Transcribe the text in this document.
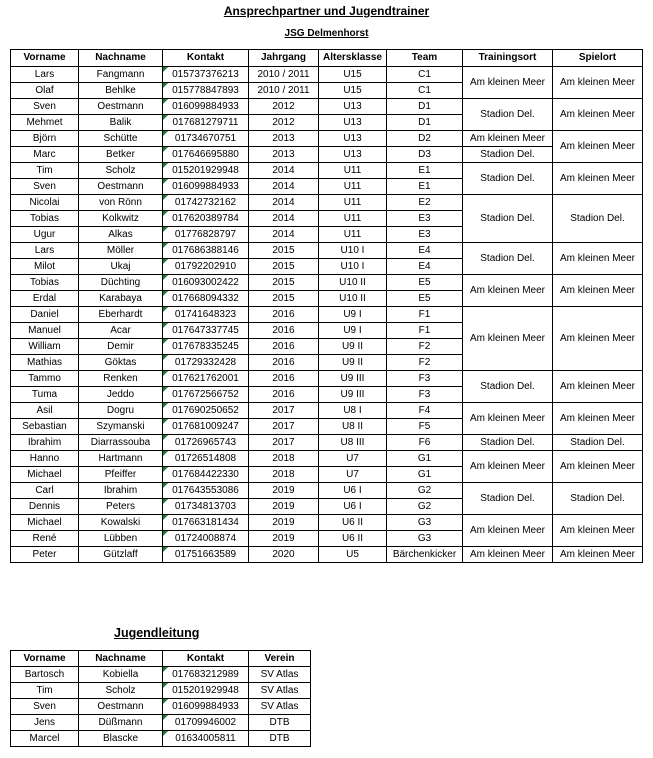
Ansprechpartner und Jugendtrainer
JSG Delmenhorst
Vorname	Nachname	Kontakt	Jahrgang	Altersklasse	Team	Trainingsort	Spielort
Lars	Fangmann	015737376213	2010 / 2011	U15	C1	Am kleinen Meer	Am kleinen Meer
Olaf	Behlke	015778847893	2010 / 2011	U15	C1		
Sven	Oestmann	016099884933	2012	U13	D1	Stadion Del.	Am kleinen Meer
Mehmet	Balik	017681279711	2012	U13	D1		
Björn	Schütte	01734670751	2013	U13	D2	Am kleinen Meer	Am kleinen Meer
Marc	Betker	017646695880	2013	U13	D3	Stadion Del.	
Tim	Scholz	015201929948	2014	U11	E1	Stadion Del.	Am kleinen Meer
Sven	Oestmann	016099884933	2014	U11	E1		
Nicolai	von Rönn	01742732162	2014	U11	E2	Stadion Del.	Stadion Del.
Tobias	Kolkwitz	017620389784	2014	U11	E3		
Ugur	Alkas	01776828797	2014	U11	E3		
Lars	Möller	017686388146	2015	U10 I	E4	Stadion Del.	Am kleinen Meer
Milot	Ukaj	01792202910	2015	U10 I	E4		
Tobias	Düchting	016093002422	2015	U10 II	E5	Am kleinen Meer	Am kleinen Meer
Erdal	Karabaya	017668094332	2015	U10 II	E5		
Daniel	Eberhardt	01741648323	2016	U9 I	F1	Am kleinen Meer	Am kleinen Meer
Manuel	Acar	017647337745	2016	U9 I	F1		
William	Demir	017678335245	2016	U9 II	F2		
Mathias	Göktas	01729332428	2016	U9 II	F2		
Tammo	Renken	017621762001	2016	U9 III	F3	Stadion Del.	Am kleinen Meer
Tuma	Jeddo	017672566752	2016	U9 III	F3		
Asil	Dogru	017690250652	2017	U8 I	F4	Am kleinen Meer	Am kleinen Meer
Sebastian	Szymanski	017681009247	2017	U8 II	F5		
Ibrahim	Diarrassouba	01726965743	2017	U8 III	F6	Stadion Del.	Stadion Del.
Hanno	Hartmann	01726514808	2018	U7	G1	Am kleinen Meer	Am kleinen Meer
Michael	Pfeiffer	017684422330	2018	U7	G1		
Carl	Ibrahim	017643553086	2019	U6 I	G2	Stadion Del.	Stadion Del.
Dennis	Peters	01734813703	2019	U6 I	G2		
Michael	Kowalski	017663181434	2019	U6 II	G3	Am kleinen Meer	Am kleinen Meer
René	Lübben	01724008874	2019	U6 II	G3		
Peter	Gützlaff	01751663589	2020	U5	Bärchenkicker	Am kleinen Meer	Am kleinen Meer
Jugendleitung
Vorname	Nachname	Kontakt	Verein
Bartosch	Kobiella	017683212989	SV Atlas
Tim	Scholz	015201929948	SV Atlas
Sven	Oestmann	016099884933	SV Atlas
Jens	Düßmann	01709946002	DTB
Marcel	Blascke	01634005811	DTB
